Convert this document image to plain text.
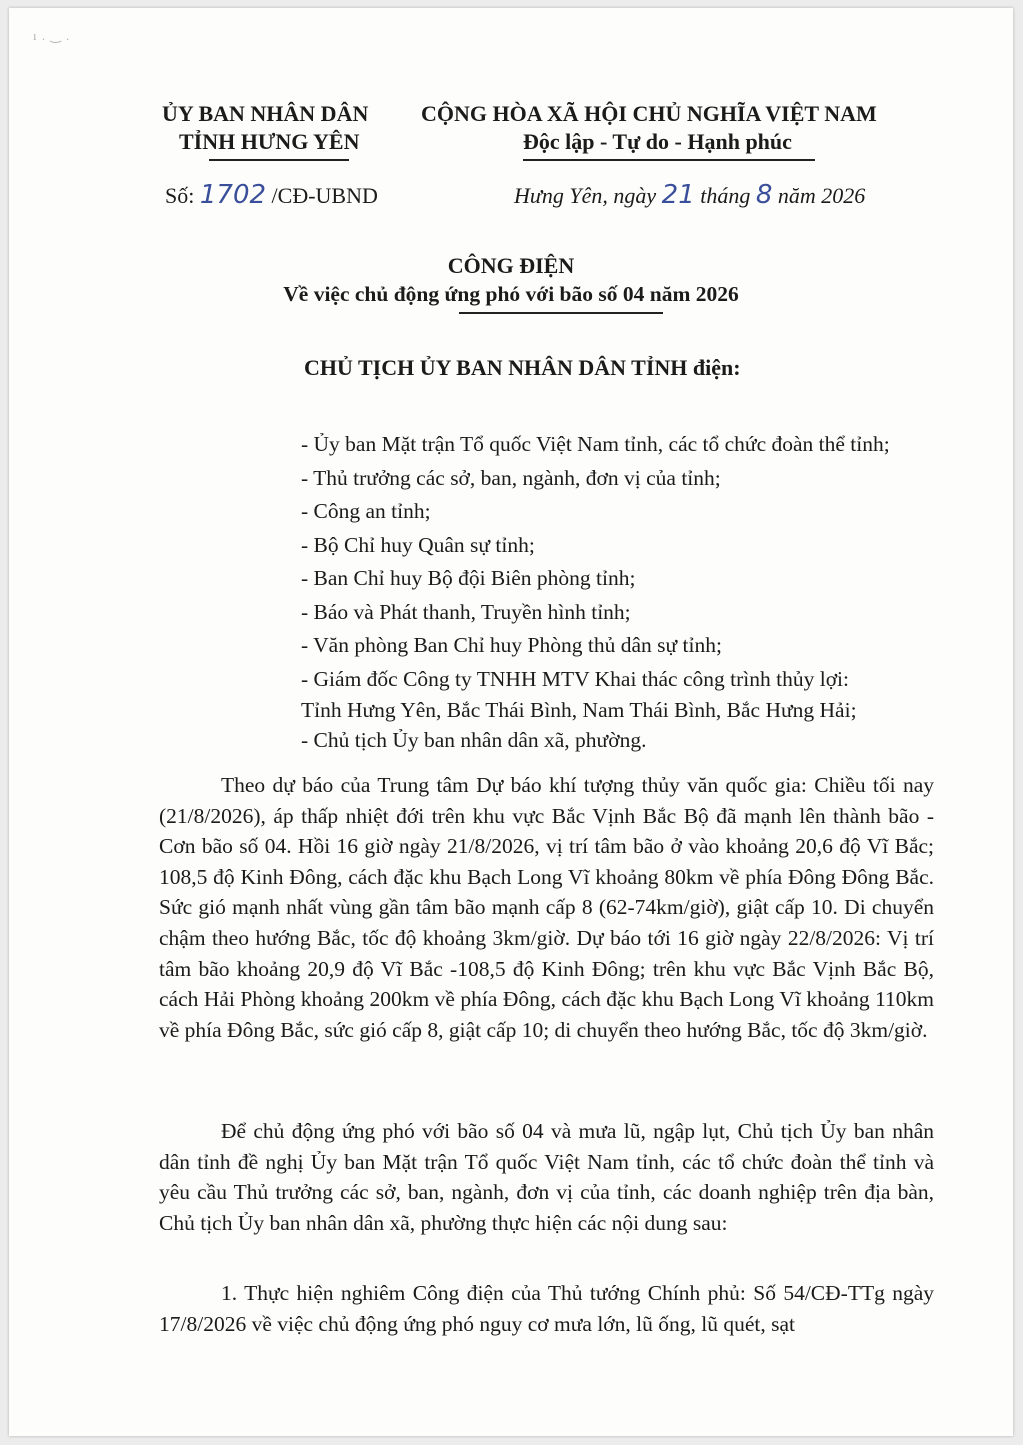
ı . ‿ .
ỦY BAN NHÂN DÂN
TỈNH HƯNG YÊN
CỘNG HÒA XÃ HỘI CHỦ NGHĨA VIỆT NAM
Độc lập - Tự do - Hạnh phúc
Số: 1702 /CĐ-UBND	Hưng Yên, ngày 21 tháng 8 năm 2026
CÔNG ĐIỆN
Về việc chủ động ứng phó với bão số 04 năm 2026
CHỦ TỊCH ỦY BAN NHÂN DÂN TỈNH điện:
- Ủy ban Mặt trận Tổ quốc Việt Nam tỉnh, các tổ chức đoàn thể tỉnh;
- Thủ trưởng các sở, ban, ngành, đơn vị của tỉnh;
- Công an tỉnh;
- Bộ Chỉ huy Quân sự tỉnh;
- Ban Chỉ huy Bộ đội Biên phòng tỉnh;
- Báo và Phát thanh, Truyền hình tỉnh;
- Văn phòng Ban Chỉ huy Phòng thủ dân sự tỉnh;
- Giám đốc Công ty TNHH MTV Khai thác công trình thủy lợi:
Tỉnh Hưng Yên, Bắc Thái Bình, Nam Thái Bình, Bắc Hưng Hải;
- Chủ tịch Ủy ban nhân dân xã, phường.
Theo dự báo của Trung tâm Dự báo khí tượng thủy văn quốc gia: Chiều tối nay (21/8/2026), áp thấp nhiệt đới trên khu vực Bắc Vịnh Bắc Bộ đã mạnh lên thành bão - Cơn bão số 04. Hồi 16 giờ ngày 21/8/2026, vị trí tâm bão ở vào khoảng 20,6 độ Vĩ Bắc; 108,5 độ Kinh Đông, cách đặc khu Bạch Long Vĩ khoảng 80km về phía Đông Đông Bắc. Sức gió mạnh nhất vùng gần tâm bão mạnh cấp 8 (62-74km/giờ), giật cấp 10. Di chuyển chậm theo hướng Bắc, tốc độ khoảng 3km/giờ. Dự báo tới 16 giờ ngày 22/8/2026: Vị trí tâm bão khoảng 20,9 độ Vĩ Bắc -108,5 độ Kinh Đông; trên khu vực Bắc Vịnh Bắc Bộ, cách Hải Phòng khoảng 200km về phía Đông, cách đặc khu Bạch Long Vĩ khoảng 110km về phía Đông Bắc, sức gió cấp 8, giật cấp 10; di chuyển theo hướng Bắc, tốc độ 3km/giờ.
Để chủ động ứng phó với bão số 04 và mưa lũ, ngập lụt, Chủ tịch Ủy ban nhân dân tỉnh đề nghị Ủy ban Mặt trận Tổ quốc Việt Nam tỉnh, các tổ chức đoàn thể tỉnh và yêu cầu Thủ trưởng các sở, ban, ngành, đơn vị của tỉnh, các doanh nghiệp trên địa bàn, Chủ tịch Ủy ban nhân dân xã, phường thực hiện các nội dung sau:
1. Thực hiện nghiêm Công điện của Thủ tướng Chính phủ: Số 54/CĐ-TTg ngày 17/8/2026 về việc chủ động ứng phó nguy cơ mưa lớn, lũ ống, lũ quét, sạt
